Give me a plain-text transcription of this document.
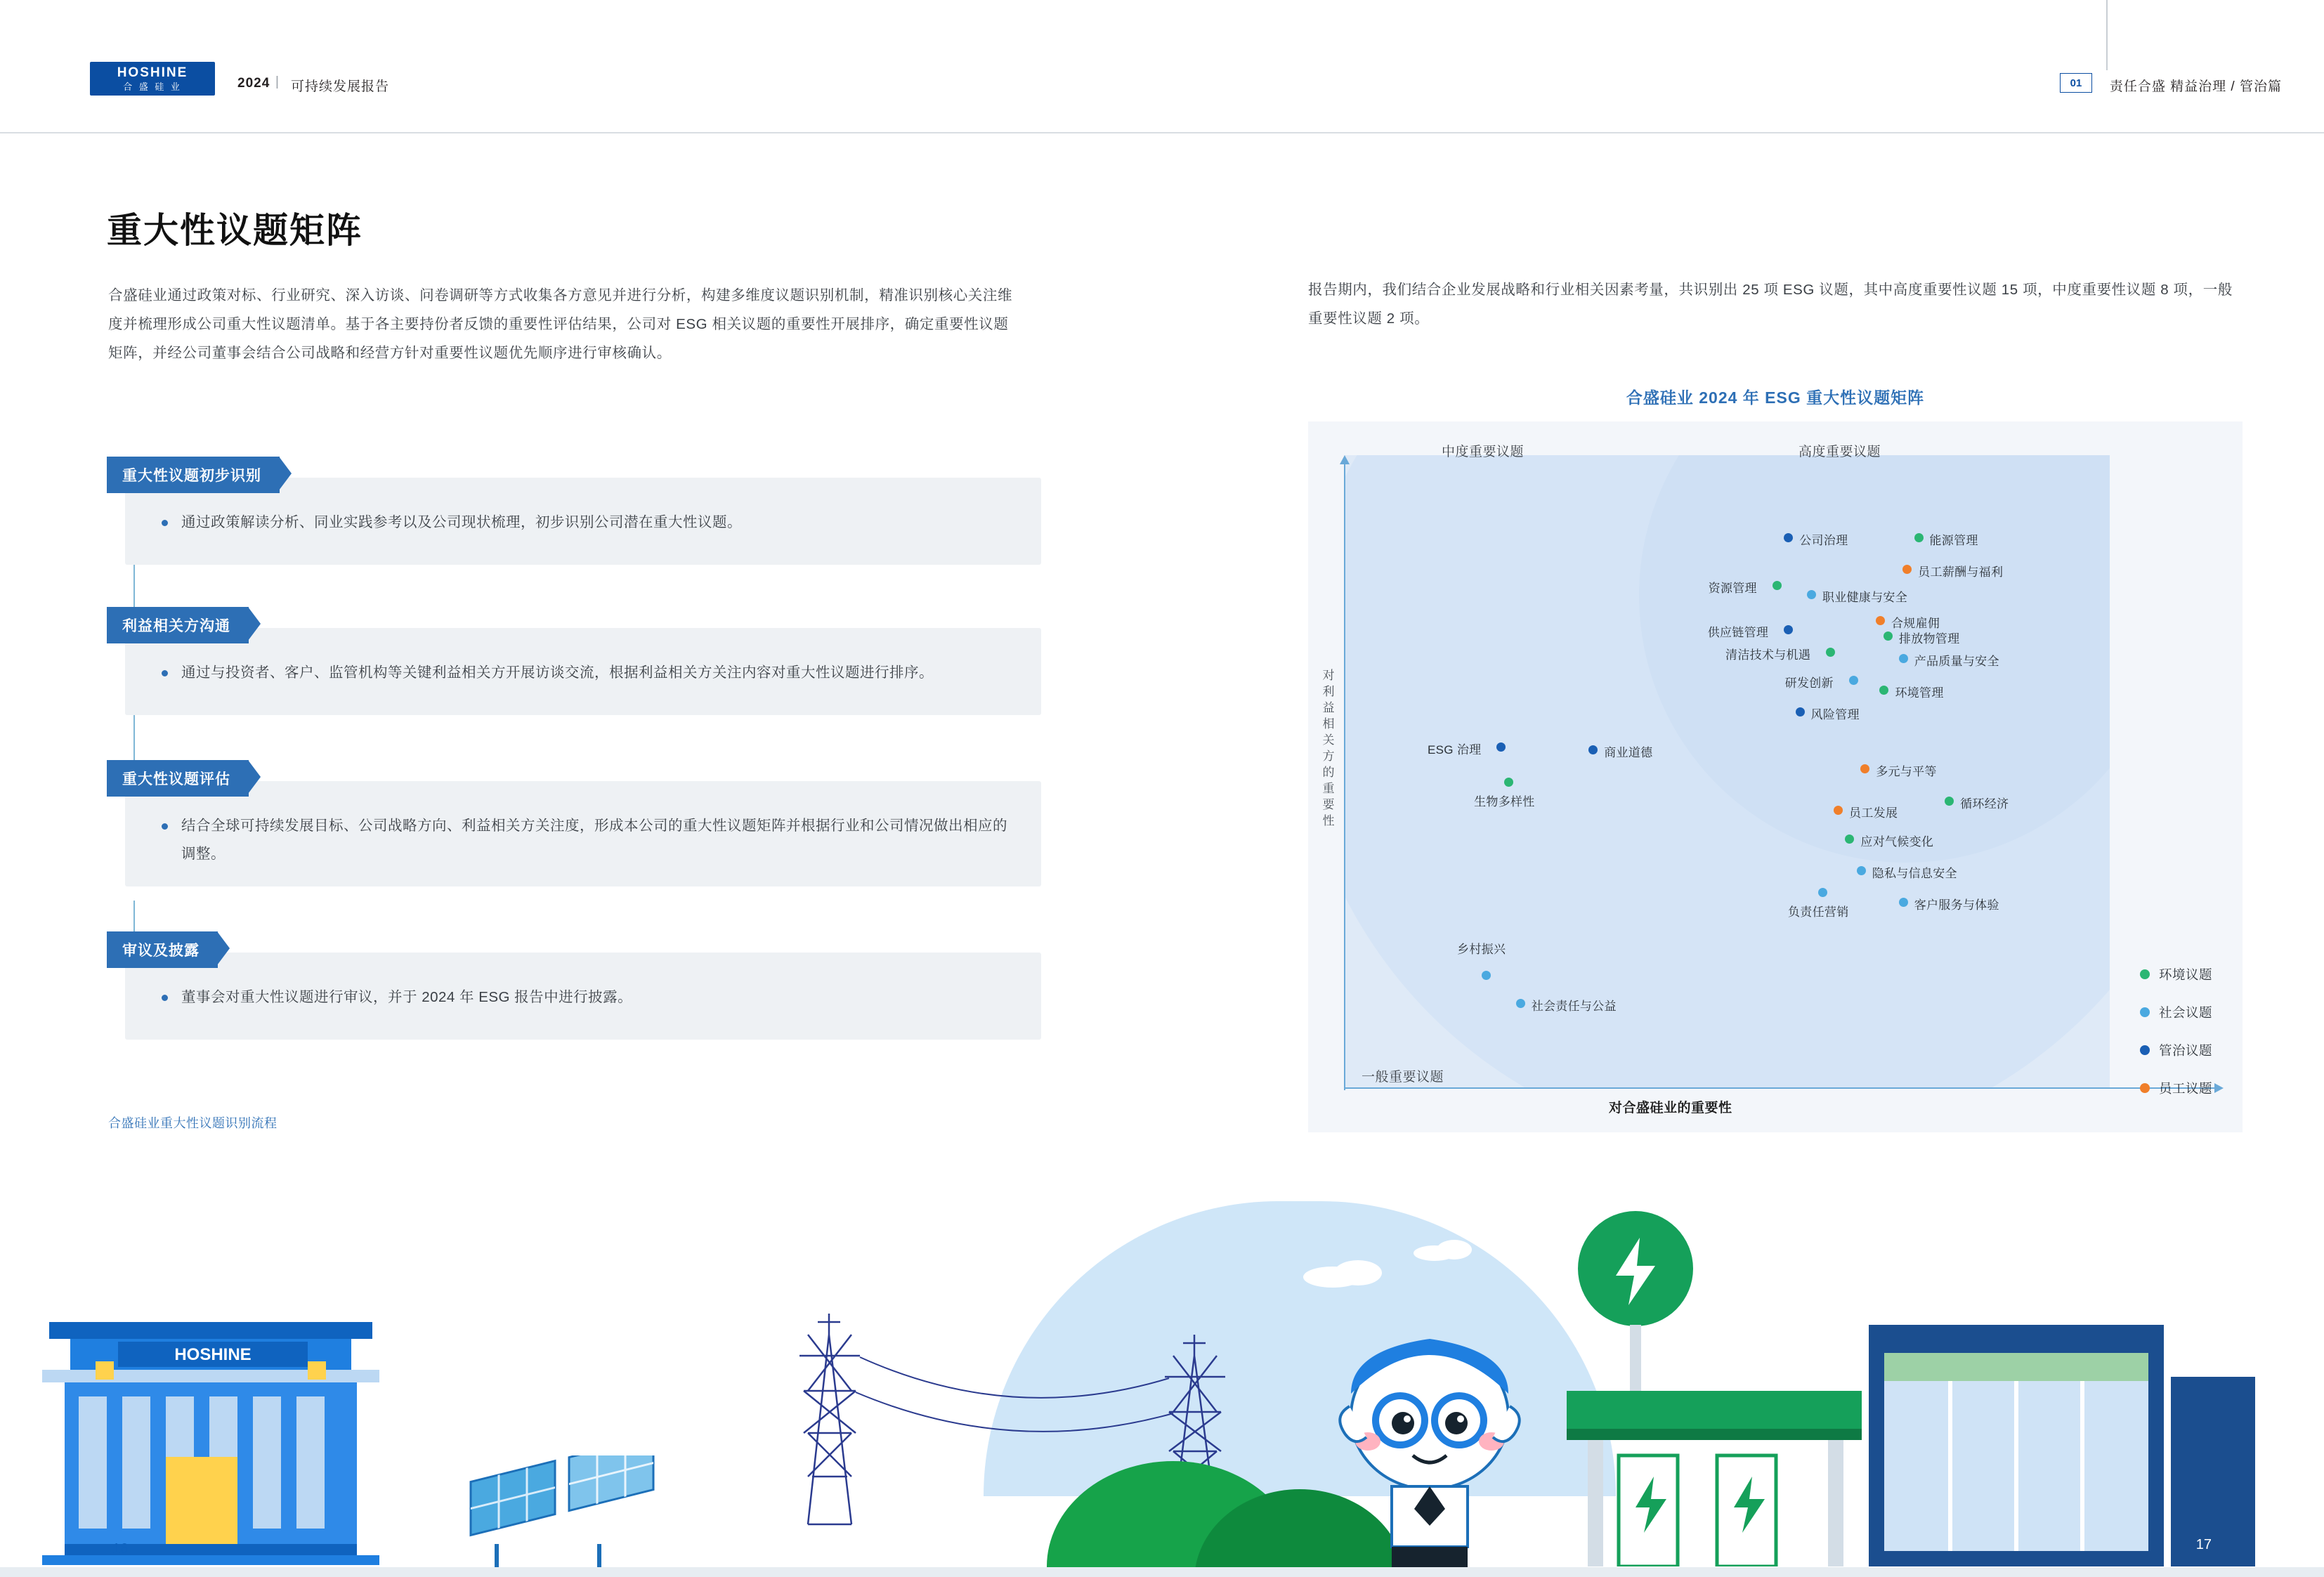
HOSHINE
合 盛 硅 业	2024 | 可持续发展报告	01	责任合盛 精益治理 / 管治篇
重大性议题矩阵
合盛硅业通过政策对标、行业研究、深入访谈、问卷调研等方式收集各方意见并进行分析，构建多维度议题识别机制，精准识别核心关注维度并梳理形成公司重大性议题清单。基于各主要持份者反馈的重要性评估结果，公司对 ESG 相关议题的重要性开展排序，确定重要性议题矩阵，并经公司董事会结合公司战略和经营方针对重要性议题优先顺序进行审核确认。
重大性议题初步识别

通过政策解读分析、同业实践参考以及公司现状梳理，初步识别公司潜在重大性议题。

利益相关方沟通

通过与投资者、客户、监管机构等关键利益相关方开展访谈交流，根据利益相关方关注内容对重大性议题进行排序。

重大性议题评估

结合全球可持续发展目标、公司战略方向、利益相关方关注度，形成本公司的重大性议题矩阵并根据行业和公司情况做出相应的调整。

审议及披露

董事会对重大性议题进行审议，并于 2024 年 ESG 报告中进行披露。

合盛硅业重大性议题识别流程
报告期内，我们结合企业发展战略和行业相关因素考量，共识别出 25 项 ESG 议题，其中高度重要性议题 15 项，中度重要性议题 8 项，一般重要性议题 2 项。
合盛硅业 2024 年 ESG 重大性议题矩阵
对利益相关方的重要性
对合盛硅业的重要性
中度重要议题	高度重要议题
一般重要议题
公司治理	能源管理
员工薪酬与福利
资源管理
职业健康与安全
合规雇佣
供应链管理	排放物管理
清洁技术与机遇	产品质量与安全
研发创新
环境管理
风险管理
ESG 治理	商业道德
生物多样性
多元与平等
循环经济
员工发展
应对气候变化
隐私与信息安全
负责任营销
客户服务与体验
乡村振兴
社会责任与公益
环境议题
社会议题
管治议题
员工议题
HOSHINE
16	17
